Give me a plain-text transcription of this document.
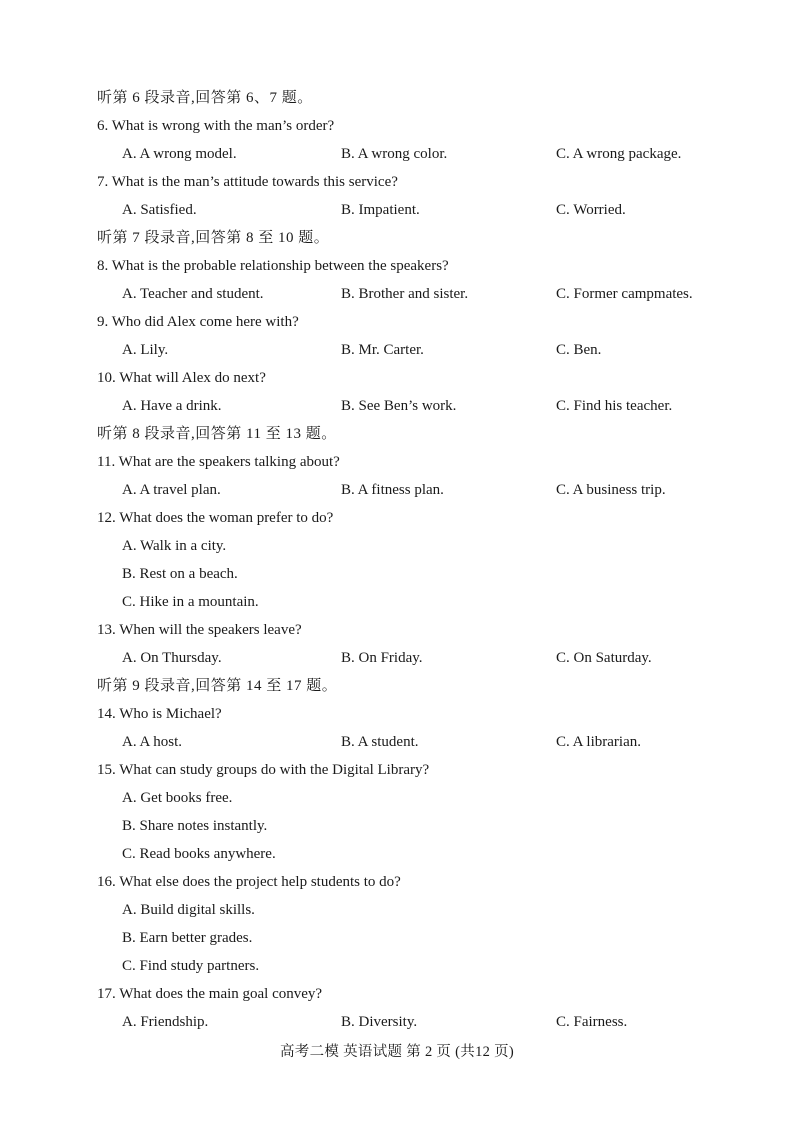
听第 6 段录音,回答第 6、7 题。
6. What is wrong with the man’s order?
A. A wrong model.	B. A wrong color.	C. A wrong package.
7. What is the man’s attitude towards this service?
A. Satisfied.	B. Impatient.	C. Worried.
听第 7 段录音,回答第 8 至 10 题。
8. What is the probable relationship between the speakers?
A. Teacher and student.	B. Brother and sister.	C. Former campmates.
9. Who did Alex come here with?
A. Lily.	B. Mr. Carter.	C. Ben.
10. What will Alex do next?
A. Have a drink.	B. See Ben’s work.	C. Find his teacher.
听第 8 段录音,回答第 11 至 13 题。
11. What are the speakers talking about?
A. A travel plan.	B. A fitness plan.	C. A business trip.
12. What does the woman prefer to do?
A. Walk in a city.
B. Rest on a beach.
C. Hike in a mountain.
13. When will the speakers leave?
A. On Thursday.	B. On Friday.	C. On Saturday.
听第 9 段录音,回答第 14 至 17 题。
14. Who is Michael?
A. A host.	B. A student.	C. A librarian.
15. What can study groups do with the Digital Library?
A. Get books free.
B. Share notes instantly.
C. Read books anywhere.
16. What else does the project help students to do?
A. Build digital skills.
B. Earn better grades.
C. Find study partners.
17. What does the main goal convey?
A. Friendship.	B. Diversity.	C. Fairness.
高考二模 英语试题 第 2 页 (共12 页)
